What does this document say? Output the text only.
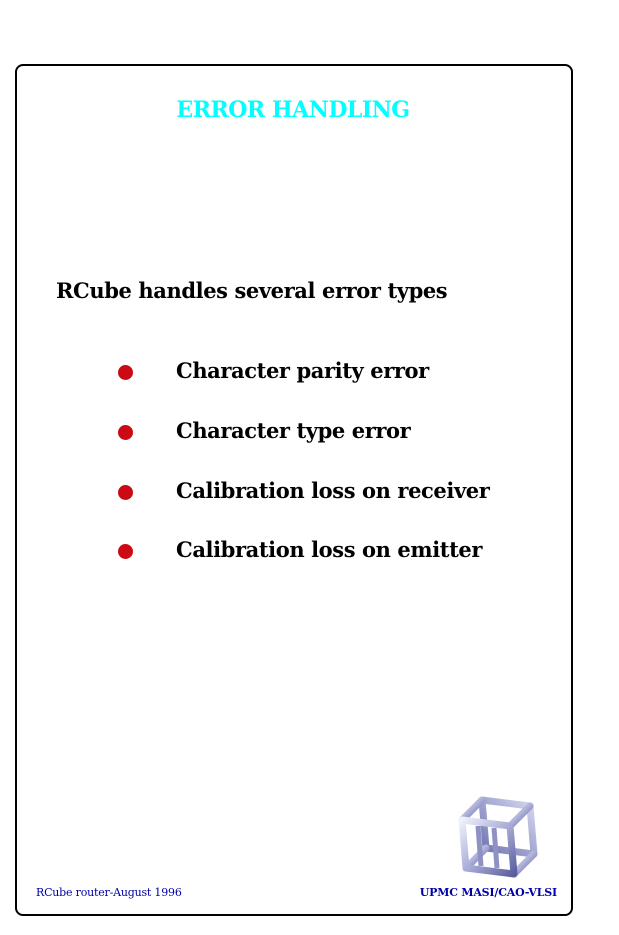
ERROR HANDLING
RCube handles several error types
Character parity error
Character type error
Calibration loss on receiver
Calibration loss on emitter
RCube router-August 1996	UPMC MASI/CAO-VLSI
